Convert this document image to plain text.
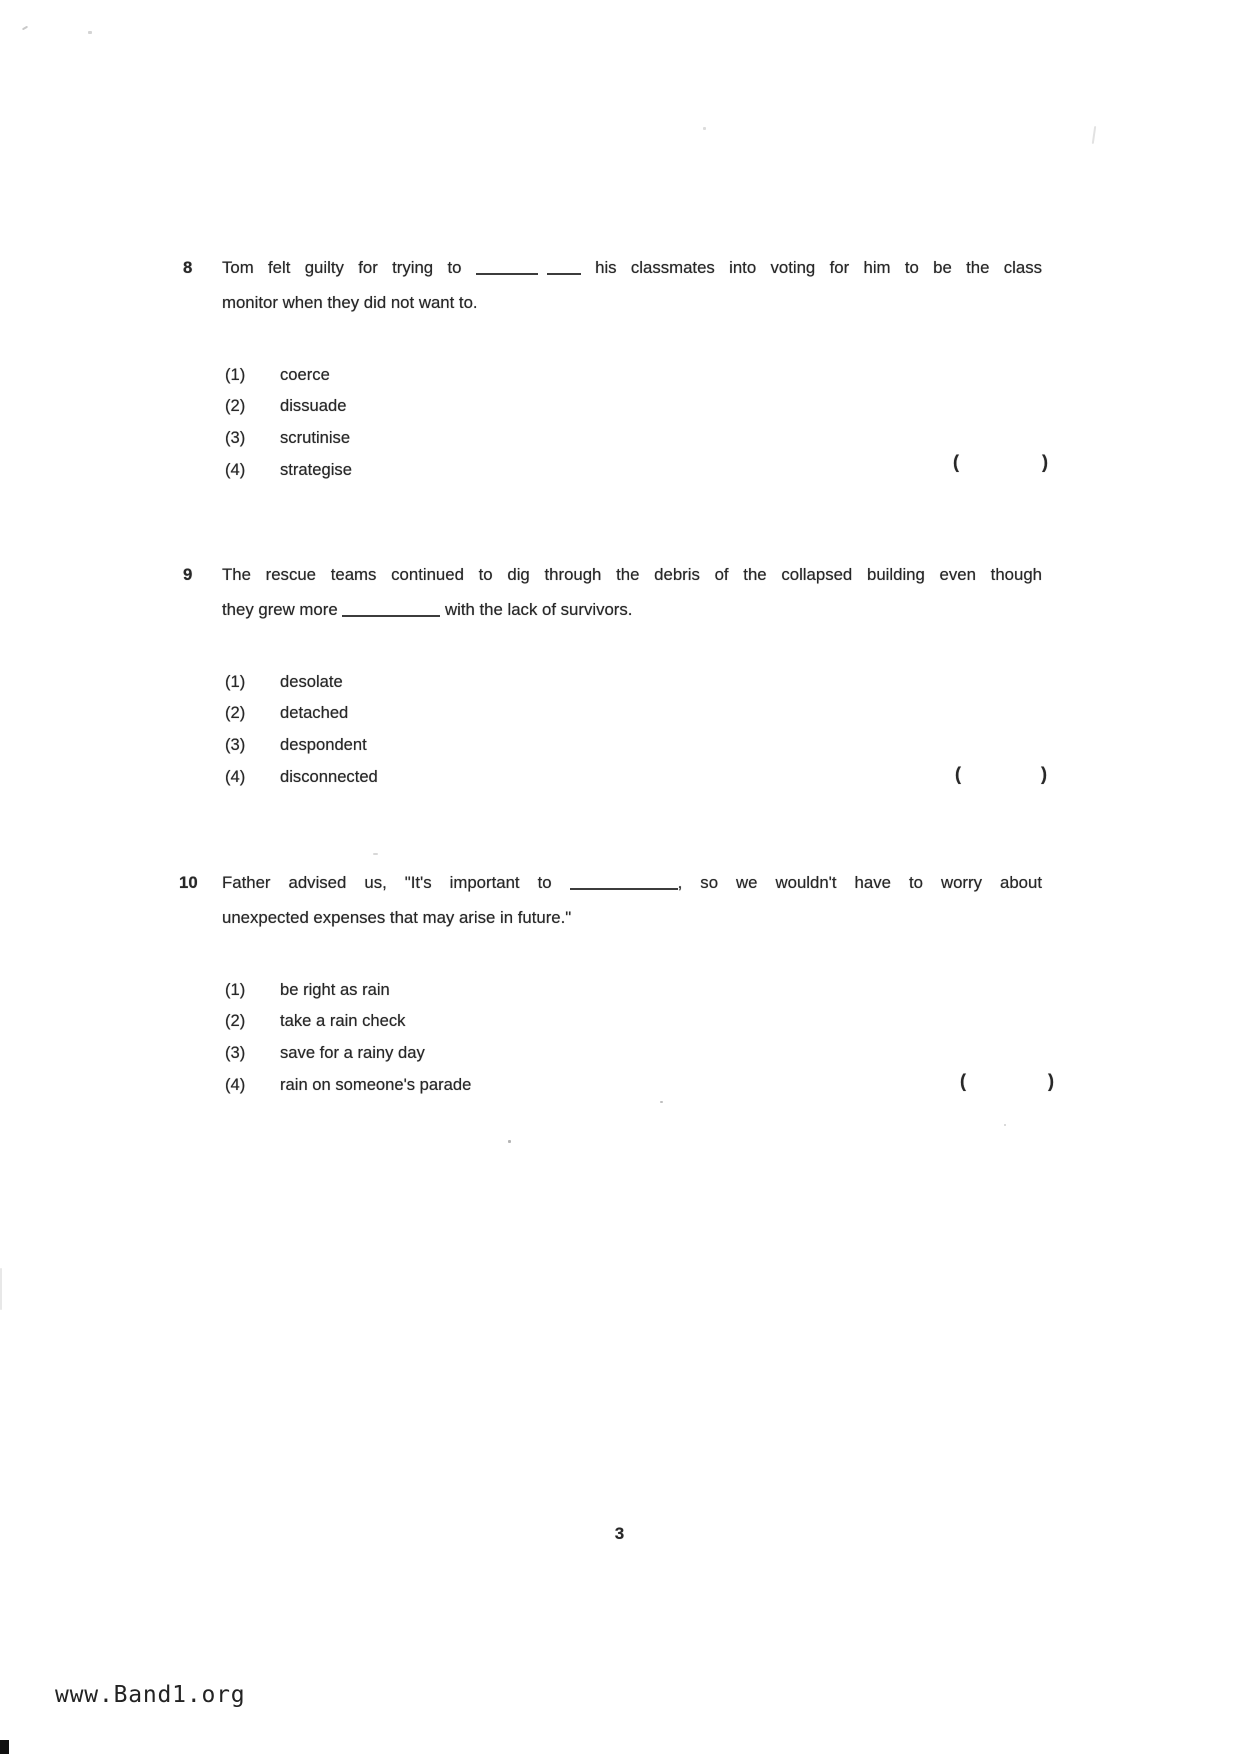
8	Tom felt guilty for trying to	his classmates into voting for him to be the class
monitor when they did not want to.
(1)	coerce
(2)	dissuade
(3)	scrutinise
(4)	strategise	(	)
9	The rescue teams continued to dig through the debris of the collapsed building even though
they grew more	with the lack of survivors.
(1)	desolate
(2)	detached
(3)	despondent
(4)	disconnected	(	)
10	Father advised us, "It's important to	, so we wouldn't have to worry about
unexpected expenses that may arise in future."
(1)	be right as rain
(2)	take a rain check
(3)	save for a rainy day
(4)	rain on someone's parade	(	)
3
www.Band1.org
